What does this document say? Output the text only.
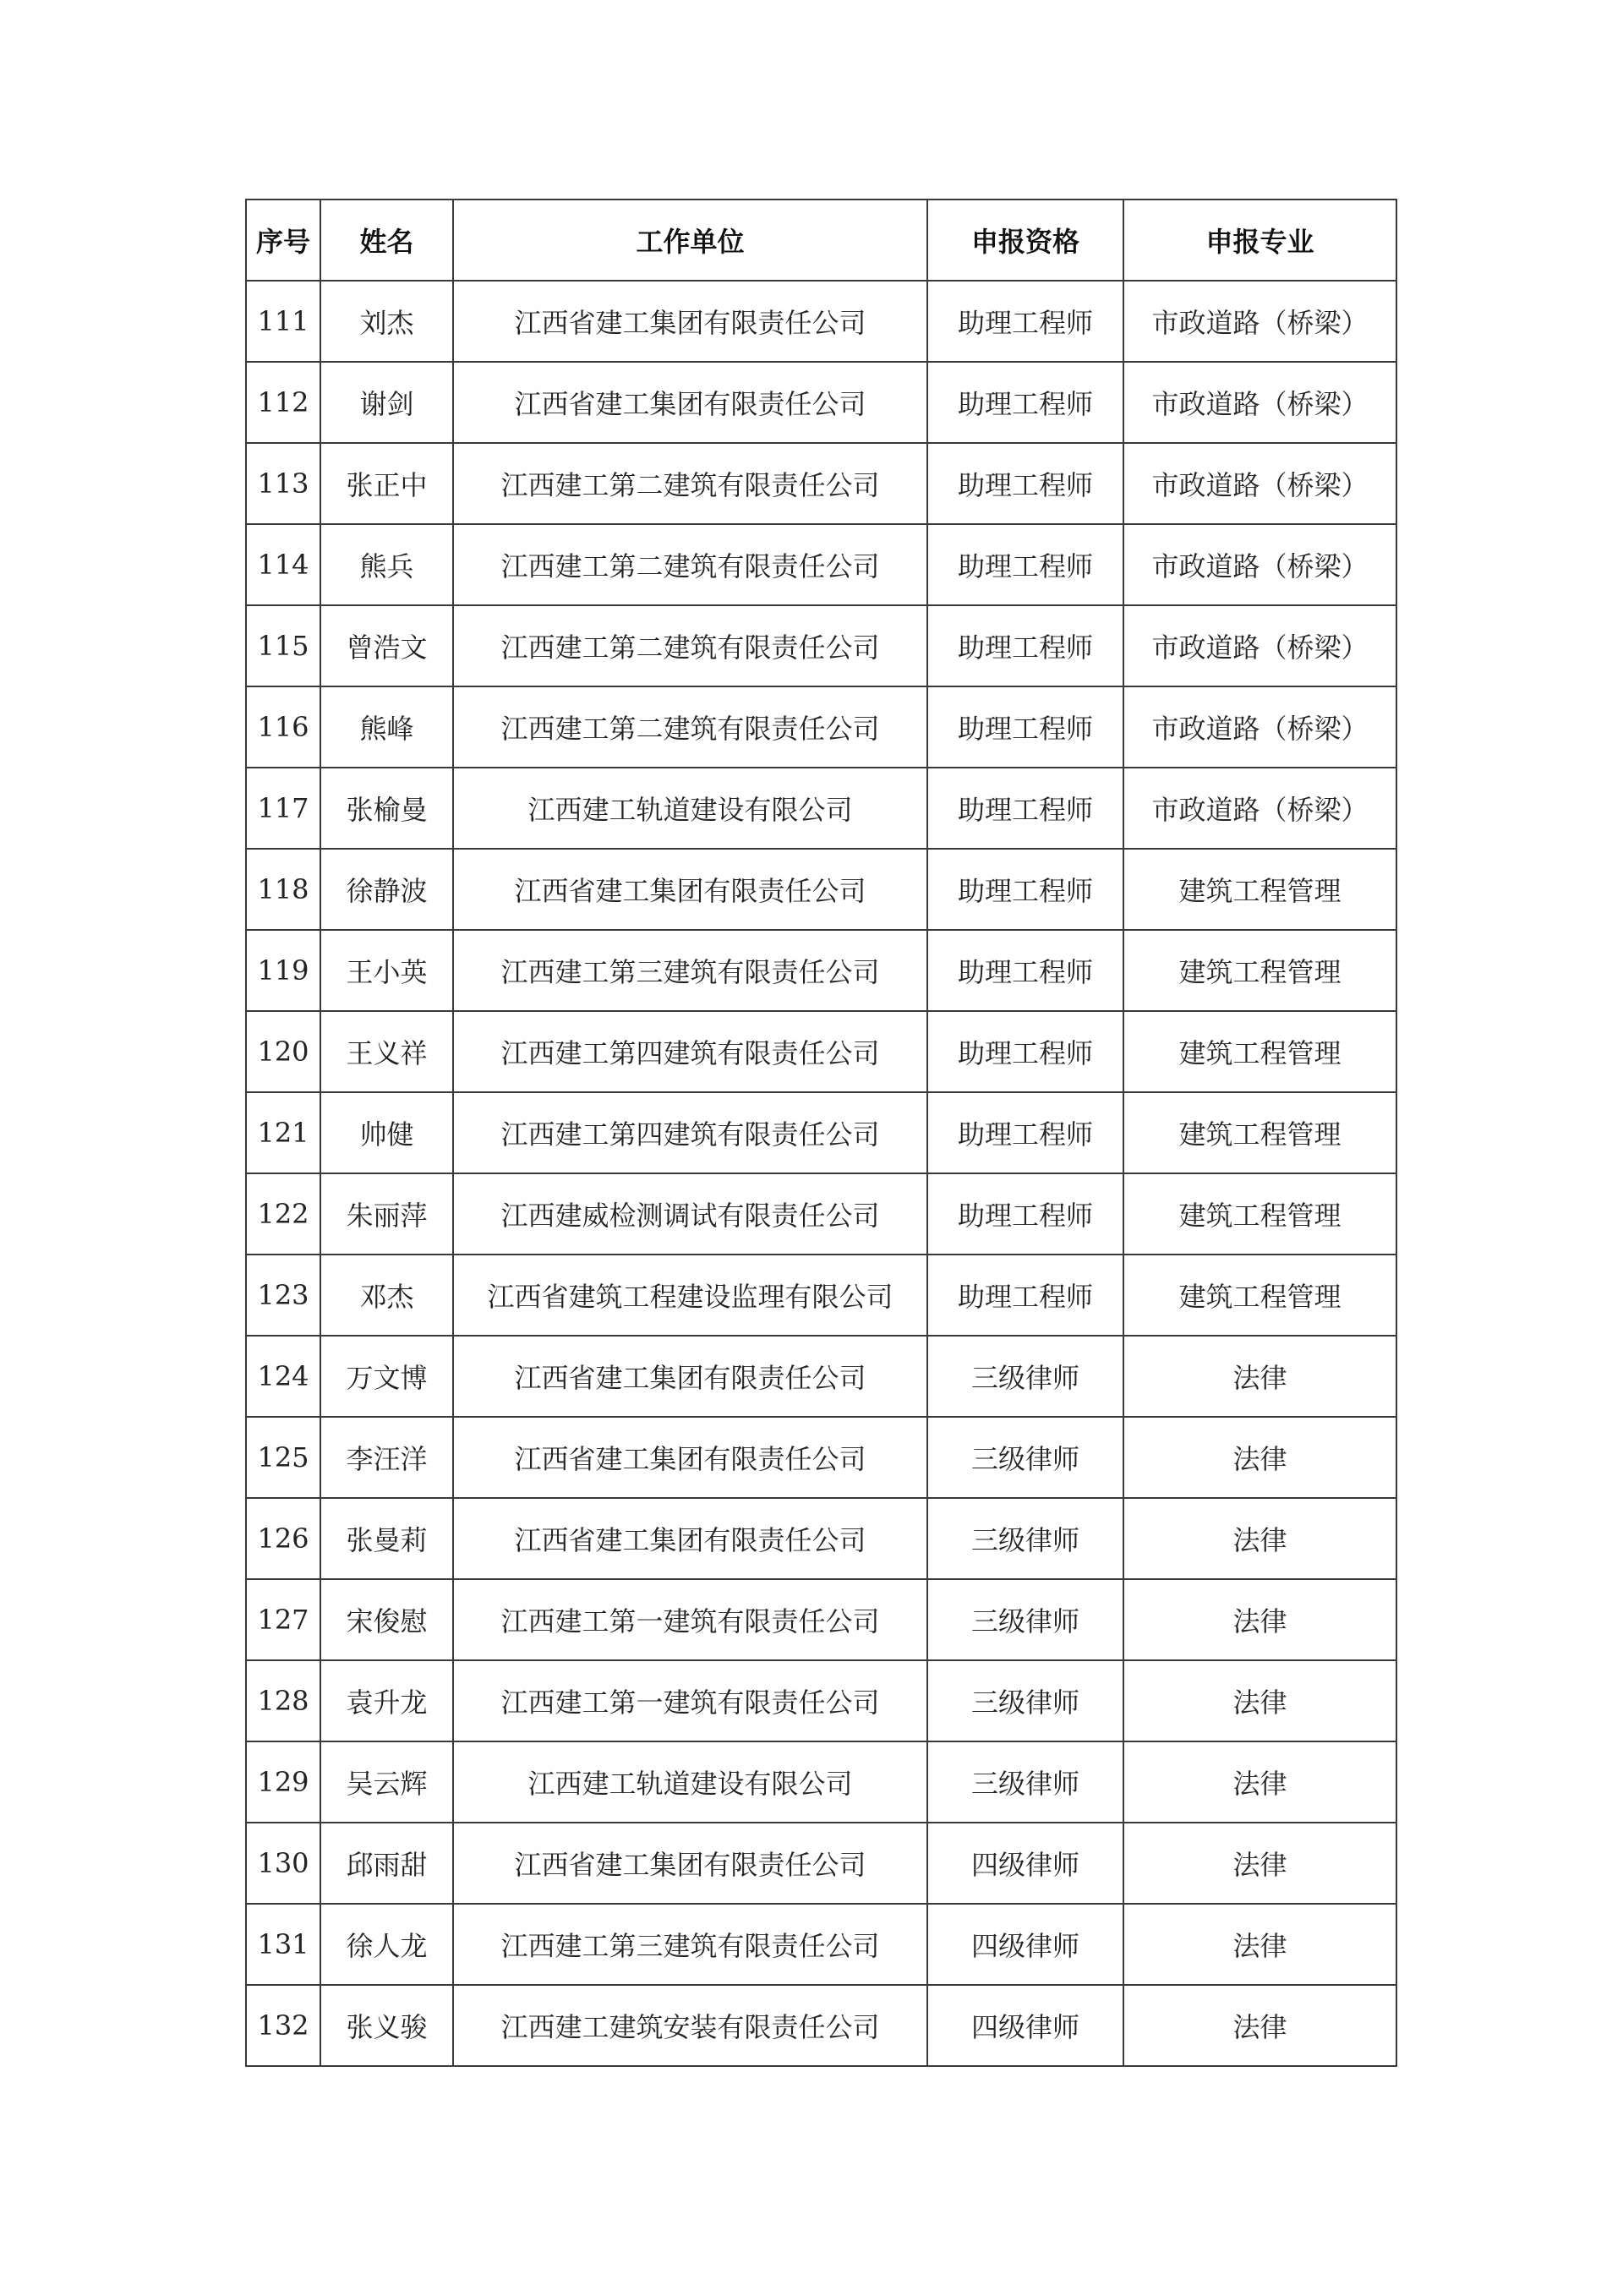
序号	姓名	工作单位	申报资格	申报专业
111	刘杰	江西省建工集团有限责任公司	助理工程师	市政道路（桥梁）
112	谢剑	江西省建工集团有限责任公司	助理工程师	市政道路（桥梁）
113	张正中	江西建工第二建筑有限责任公司	助理工程师	市政道路（桥梁）
114	熊兵	江西建工第二建筑有限责任公司	助理工程师	市政道路（桥梁）
115	曾浩文	江西建工第二建筑有限责任公司	助理工程师	市政道路（桥梁）
116	熊峰	江西建工第二建筑有限责任公司	助理工程师	市政道路（桥梁）
117	张榆曼	江西建工轨道建设有限公司	助理工程师	市政道路（桥梁）
118	徐静波	江西省建工集团有限责任公司	助理工程师	建筑工程管理
119	王小英	江西建工第三建筑有限责任公司	助理工程师	建筑工程管理
120	王义祥	江西建工第四建筑有限责任公司	助理工程师	建筑工程管理
121	帅健	江西建工第四建筑有限责任公司	助理工程师	建筑工程管理
122	朱丽萍	江西建威检测调试有限责任公司	助理工程师	建筑工程管理
123	邓杰	江西省建筑工程建设监理有限公司	助理工程师	建筑工程管理
124	万文博	江西省建工集团有限责任公司	三级律师	法律
125	李汪洋	江西省建工集团有限责任公司	三级律师	法律
126	张曼莉	江西省建工集团有限责任公司	三级律师	法律
127	宋俊慰	江西建工第一建筑有限责任公司	三级律师	法律
128	袁升龙	江西建工第一建筑有限责任公司	三级律师	法律
129	吴云辉	江西建工轨道建设有限公司	三级律师	法律
130	邱雨甜	江西省建工集团有限责任公司	四级律师	法律
131	徐人龙	江西建工第三建筑有限责任公司	四级律师	法律
132	张义骏	江西建工建筑安装有限责任公司	四级律师	法律
